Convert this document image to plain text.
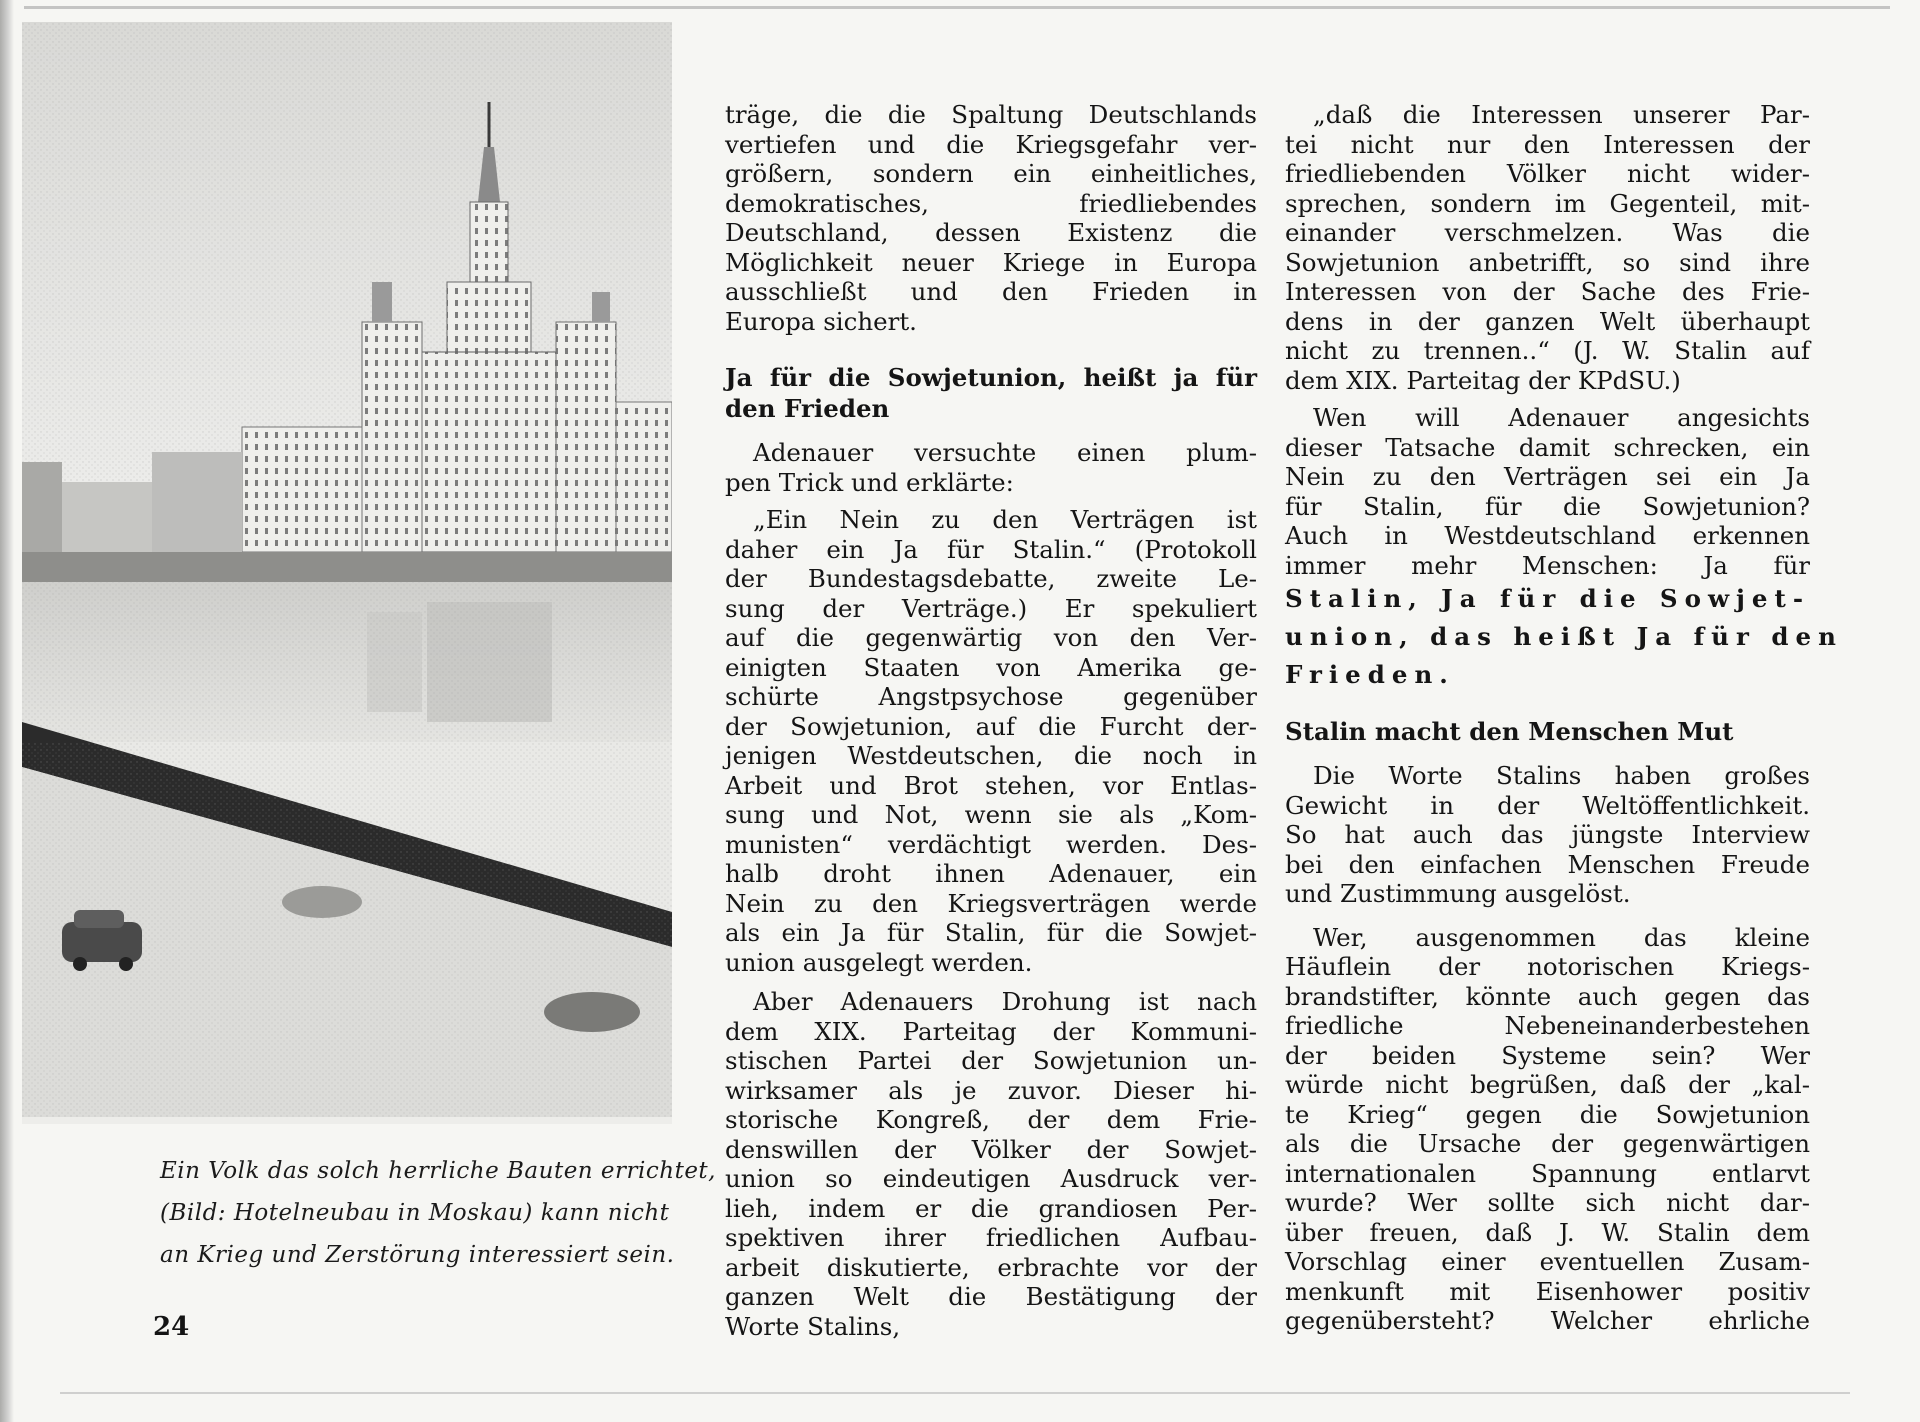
Ein Volk das solch herrliche Bauten errichtet,
(Bild: Hotelneubau in Moskau) kann nicht
an Krieg und Zerstörung interessiert sein.
24

träge, die die Spaltung Deutschlands
vertiefen und die Kriegsgefahr ver-
größern, sondern ein einheitliches,
demokratisches, friedliebendes
Deutschland, dessen Existenz die
Möglichkeit neuer Kriege in Europa
ausschließt und den Frieden in
Europa sichert.

Ja für die Sowjetunion, heißt ja für
den Frieden

Adenauer versuchte einen plum-
pen Trick und erklärte:

„Ein Nein zu den Verträgen ist
daher ein Ja für Stalin.“ (Protokoll
der Bundestagsdebatte, zweite Le-
sung der Verträge.) Er spekuliert
auf die gegenwärtig von den Ver-
einigten Staaten von Amerika ge-
schürte Angstpsychose gegenüber
der Sowjetunion, auf die Furcht der-
jenigen Westdeutschen, die noch in
Arbeit und Brot stehen, vor Entlas-
sung und Not, wenn sie als „Kom-
munisten“ verdächtigt werden. Des-
halb droht ihnen Adenauer, ein
Nein zu den Kriegsverträgen werde
als ein Ja für Stalin, für die Sowjet-
union ausgelegt werden.

Aber Adenauers Drohung ist nach
dem XIX. Parteitag der Kommuni-
stischen Partei der Sowjetunion un-
wirksamer als je zuvor. Dieser hi-
storische Kongreß, der dem Frie-
denswillen der Völker der Sowjet-
union so eindeutigen Ausdruck ver-
lieh, indem er die grandiosen Per-
spektiven ihrer friedlichen Aufbau-
arbeit diskutierte, erbrachte vor der
ganzen Welt die Bestätigung der
Worte Stalins,

„daß die Interessen unserer Par-
tei nicht nur den Interessen der
friedliebenden Völker nicht wider-
sprechen, sondern im Gegenteil, mit-
einander verschmelzen. Was die
Sowjetunion anbetrifft, so sind ihre
Interessen von der Sache des Frie-
dens in der ganzen Welt überhaupt
nicht zu trennen..“ (J. W. Stalin auf
dem XIX. Parteitag der KPdSU.)

Wen will Adenauer angesichts
dieser Tatsache damit schrecken, ein
Nein zu den Verträgen sei ein Ja
für Stalin, für die Sowjetunion?
Auch in Westdeutschland erkennen
immer mehr Menschen: Ja für
Stalin, Ja für die Sowjet-
union, das heißt Ja für den
Frieden.

Stalin macht den Menschen Mut

Die Worte Stalins haben großes
Gewicht in der Weltöffentlichkeit.
So hat auch das jüngste Interview
bei den einfachen Menschen Freude
und Zustimmung ausgelöst.

Wer, ausgenommen das kleine
Häuflein der notorischen Kriegs-
brandstifter, könnte auch gegen das
friedliche Nebeneinanderbestehen
der beiden Systeme sein? Wer
würde nicht begrüßen, daß der „kal-
te Krieg“ gegen die Sowjetunion
als die Ursache der gegenwärtigen
internationalen Spannung entlarvt
wurde? Wer sollte sich nicht dar-
über freuen, daß J. W. Stalin dem
Vorschlag einer eventuellen Zusam-
menkunft mit Eisenhower positiv
gegenübersteht? Welcher ehrliche
